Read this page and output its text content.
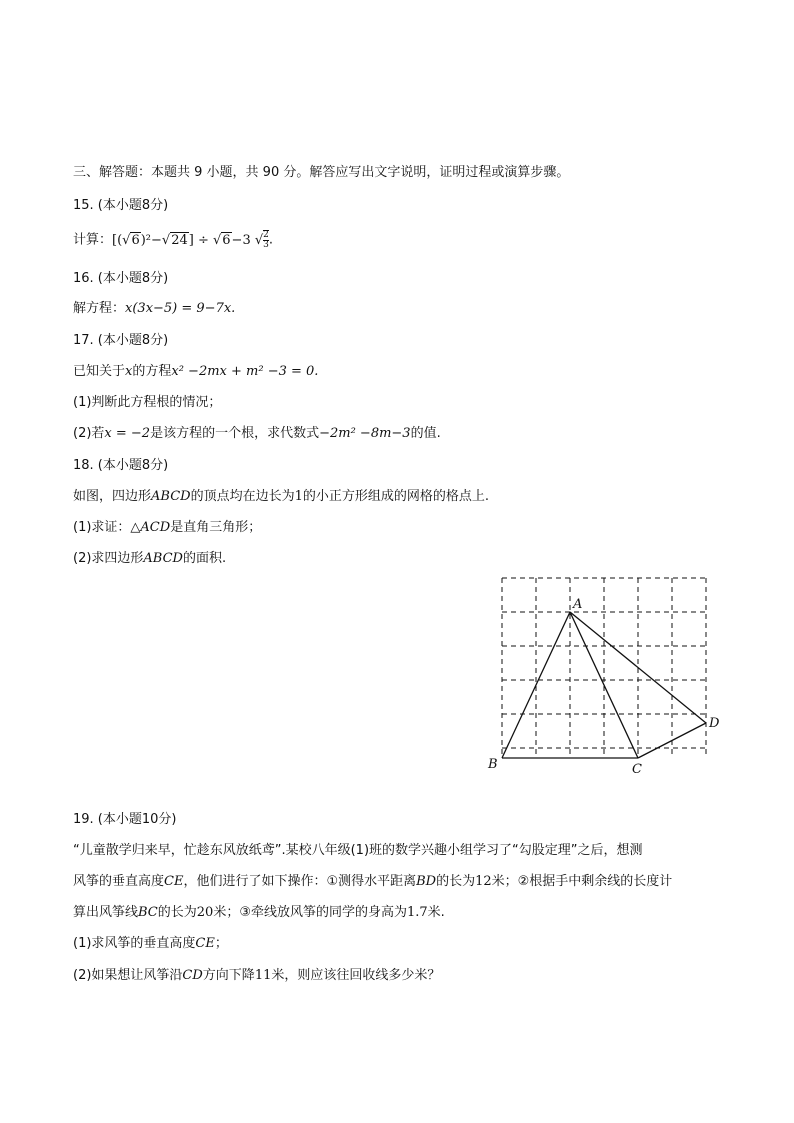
三、解答题：本题共 9 小题，共 90 分。解答应写出文字说明，证明过程或演算步骤。
15. (本小题8分)
计算：[(√6)²−√24] ÷ √6−3 √ $\frac{2}{3}$ .
16. (本小题8分)
解方程：x(3x−5) = 9−7x.
17. (本小题8分)
已知关于x的方程x² −2mx + m² −3 = 0.
(1)判断此方程根的情况；
(2)若x = −2是该方程的一个根，求代数式−2m² −8m−3的值.
18. (本小题8分)
如图，四边形ABCD的顶点均在边长为1的小正方形组成的网格的格点上.
(1)求证：△ACD是直角三角形；
(2)求四边形ABCD的面积.
A
B	C
D
19. (本小题10分)
“儿童散学归来早，忙趁东风放纸鸢”.某校八年级(1)班的数学兴趣小组学习了“勾股定理”之后，想测
风筝的垂直高度CE，他们进行了如下操作：①测得水平距离BD的长为12米；②根据手中剩余线的长度计
算出风筝线BC的长为20米；③牵线放风筝的同学的身高为1.7米.
(1)求风筝的垂直高度CE；
(2)如果想让风筝沿CD方向下降11米，则应该往回收线多少米？
